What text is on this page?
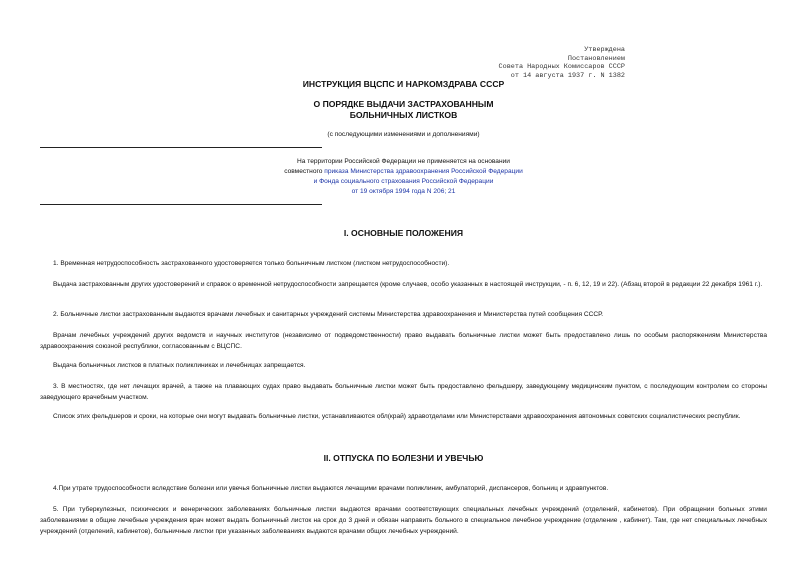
Утверждена
Постановлением
Совета Народных Комиссаров СССР
от 14 августа 1937 г. N 1382
ИНСТРУКЦИЯ ВЦСПС И НАРКОМЗДРАВА СССР
О ПОРЯДКЕ ВЫДАЧИ ЗАСТРАХОВАННЫМ
БОЛЬНИЧНЫХ ЛИСТКОВ
(с последующими изменениями и дополнениями)
На территории Российской Федерации не применяется на основании
совместного приказа Министерства здравоохранения Российской Федерации
и Фонда социального страхования Российской Федерации
от 19 октября 1994 года N 206; 21
I. ОСНОВНЫЕ ПОЛОЖЕНИЯ
1. Временная нетрудоспособность застрахованного удостоверяется только больничным листком (листком нетрудоспособности).
Выдача застрахованным других удостоверений и справок о временной нетрудоспособности запрещается (кроме случаев, особо указанных в настоящей инструкции, - п. 6, 12, 19 и 22). (Абзац второй в редакции 22 декабря 1961 г.).
2. Больничные листки застрахованным выдаются врачами лечебных и санитарных учреждений системы Министерства здравоохранения и Министерства путей сообщения СССР.
Врачам лечебных учреждений других ведомств и научных институтов (независимо от подведомственности) право выдавать больничные листки может быть предоставлено лишь по особым распоряжениям Министерства здравоохранения союзной республики, согласованным с ВЦСПС.
Выдача больничных листков в платных поликлиниках и лечебницах запрещается.
3. В местностях, где нет лечащих врачей, а также на плавающих судах право выдавать больничные листки может быть предоставлено фельдшеру, заведующему медицинским пунктом, с последующим контролем со стороны заведующего врачебным участком.
Список этих фельдшеров и сроки, на которые они могут выдавать больничные листки, устанавливаются обл(край) здравотделами или Министерствами здравоохранения автономных советских социалистических республик.
II. ОТПУСКА ПО БОЛЕЗНИ И УВЕЧЬЮ
4.При утрате трудоспособности вследствие болезни или увечья больничные листки выдаются лечащими врачами поликлиник, амбулаторий, диспансеров, больниц и здравпунктов.
5. При туберкулезных, психических и венерических заболеваниях больничные листки выдаются врачами соответствующих специальных лечебных учреждений (отделений, кабинетов). При обращении больных этими заболеваниями в общие лечебные учреждения врач может выдать больничный листок на срок до 3 дней и обязан направить больного в специальное лечебное учреждение (отделение , кабинет). Там, где нет специальных лечебных учреждений (отделений, кабинетов), больничные листки при указанных заболеваниях выдаются врачами общих лечебных учреждений.
